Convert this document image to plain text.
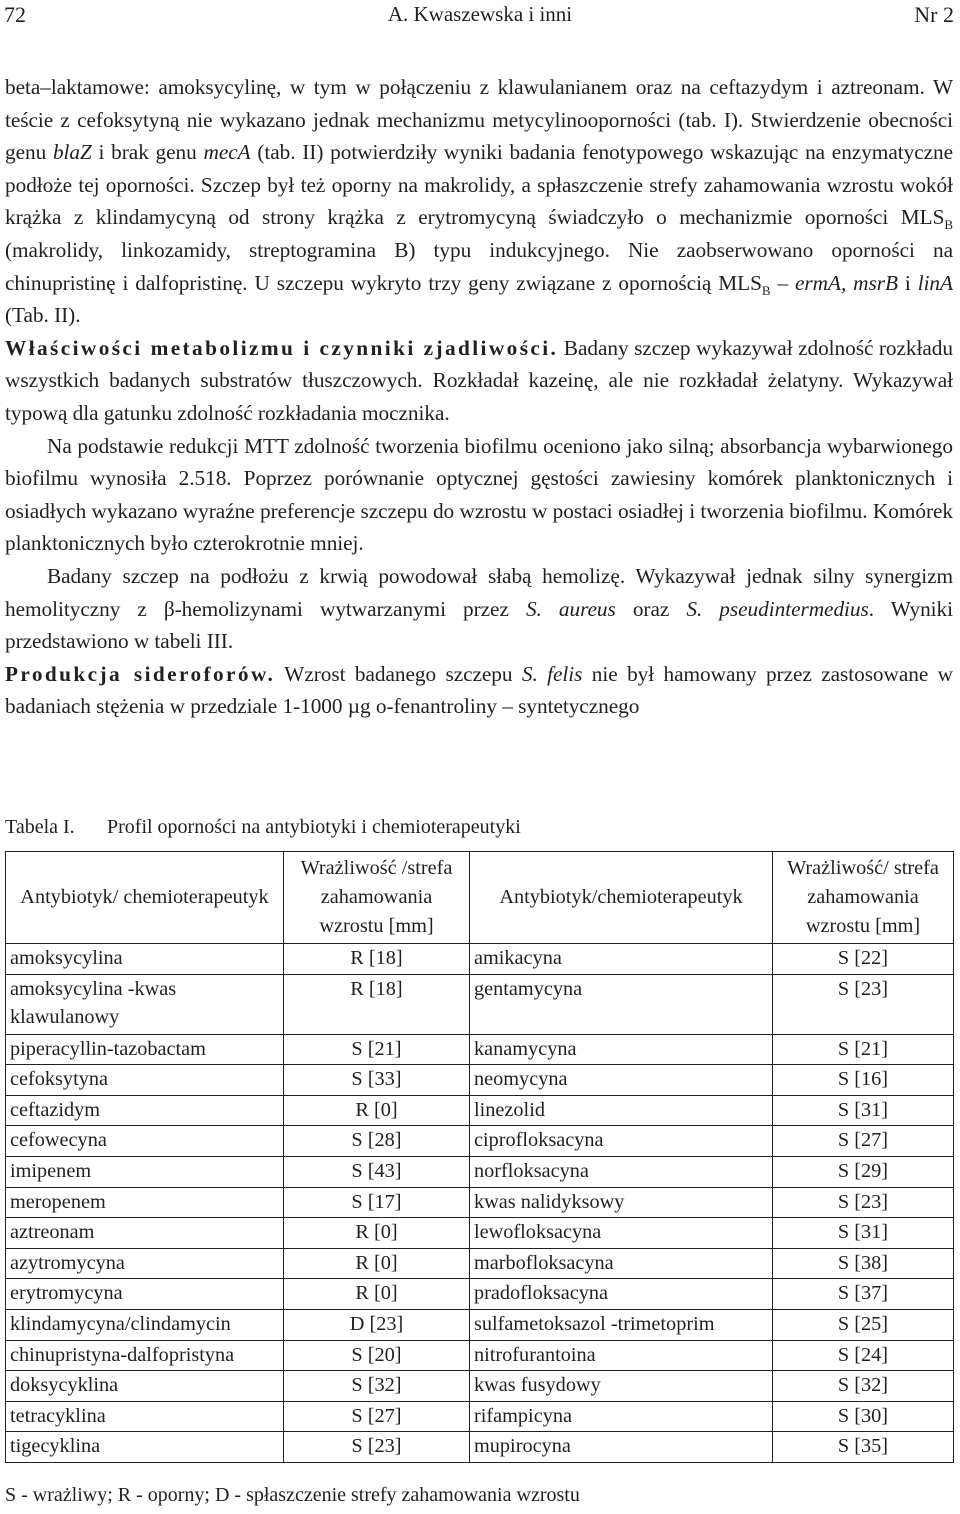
72	A. Kwaszewska i inni	Nr 2

beta–laktamowe: amoksycylinę, w tym w połączeniu z klawulanianem oraz na ceftazydym i aztreonam. W teście z cefoksytyną nie wykazano jednak mechanizmu metycylinooporności (tab. I). Stwierdzenie obecności genu blaZ i brak genu mecA (tab. II) potwierdziły wyniki badania fenotypowego wskazując na enzymatyczne podłoże tej oporności. Szczep był też oporny na makrolidy, a spłaszczenie strefy zahamowania wzrostu wokół krążka z klindamycyną od strony krążka z erytromycyną świadczyło o mechanizmie oporności $MLS_B$ (makrolidy, linkozamidy, streptogramina B) typu indukcyjnego. Nie zaobserwowano oporności na chinupristinę i dalfopristinę. U szczepu wykryto trzy geny związane z opornością $MLS_B$ – ermA, msrB i linA (Tab. II).

Właściwości metabolizmu i czynniki zjadliwości. Badany szczep wykazywał zdolność rozkładu wszystkich badanych substratów tłuszczowych. Rozkładał kazeinę, ale nie rozkładał żelatyny. Wykazywał typową dla gatunku zdolność rozkładania mocznika.

Na podstawie redukcji MTT zdolność tworzenia biofilmu oceniono jako silną; absorbancja wybarwionego biofilmu wynosiła 2.518. Poprzez porównanie optycznej gęstości zawiesiny komórek planktonicznych i osiadłych wykazano wyraźne preferencje szczepu do wzrostu w postaci osiadłej i tworzenia biofilmu. Komórek planktonicznych było czterokrotnie mniej.

Badany szczep na podłożu z krwią powodował słabą hemolizę. Wykazywał jednak silny synergizm hemolityczny z β-hemolizynami wytwarzanymi przez S. aureus oraz S. pseudintermedius. Wyniki przedstawiono w tabeli III.

Produkcja sideroforów. Wzrost badanego szczepu S. felis nie był hamowany przez zastosowane w badaniach stężenia w przedziale 1-1000 µg o-fenantroliny – syntetycznego

Tabela I. Profil oporności na antybiotyki i chemioterapeutyki
Antybiotyk/ chemioterapeutyk	Wrażliwość /strefa zahamowania wzrostu [mm]	Antybiotyk/chemioterapeutyk	Wrażliwość/ strefa zahamowania wzrostu [mm]
amoksycylina	R [18]	amikacyna	S [22]
amoksycylina -kwas klawulanowy	R [18]	gentamycyna	S [23]
piperacyllin-tazobactam	S [21]	kanamycyna	S [21]
cefoksytyna	S [33]	neomycyna	S [16]
ceftazidym	R [0]	linezolid	S [31]
cefowecyna	S [28]	ciprofloksacyna	S [27]
imipenem	S [43]	norfloksacyna	S [29]
meropenem	S [17]	kwas nalidyksowy	S [23]
aztreonam	R [0]	lewofloksacyna	S [31]
azytromycyna	R [0]	marbofloksacyna	S [38]
erytromycyna	R [0]	pradofloksacyna	S [37]
klindamycyna/clindamycin	D [23]	sulfametoksazol -trimetoprim	S [25]
chinupristyna-dalfopristyna	S [20]	nitrofurantoina	S [24]
doksycyklina	S [32]	kwas fusydowy	S [32]
tetracyklina	S [27]	rifampicyna	S [30]
tigecyklina	S [23]	mupirocyna	S [35]
S - wrażliwy; R - oporny; D - spłaszczenie strefy zahamowania wzrostu
